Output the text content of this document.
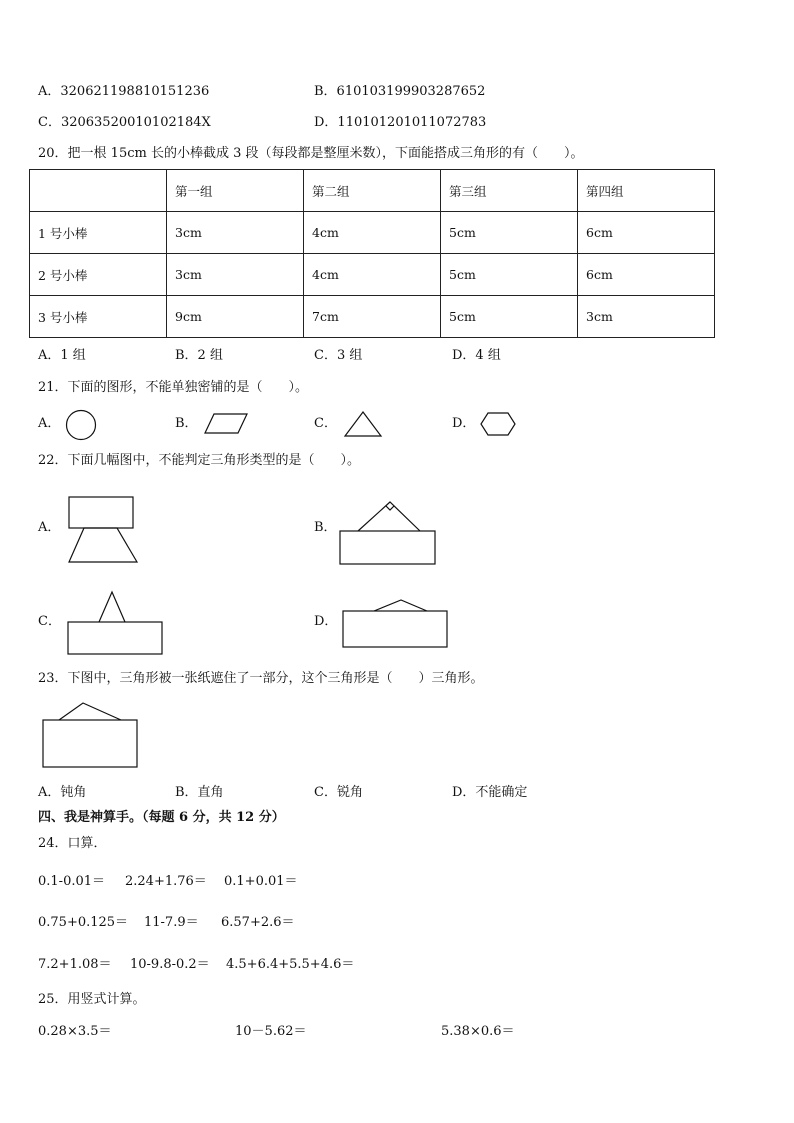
A．320621198810151236	B．610103199903287652
C．32063520010102184X	D．110101201011072783
20．把一根 15cm 长的小棒截成 3 段（每段都是整厘米数），下面能搭成三角形的有（　　）。
	第一组	第二组	第三组	第四组
1 号小棒	3cm	4cm	5cm	6cm
2 号小棒	3cm	4cm	5cm	6cm
3 号小棒	9cm	7cm	5cm	3cm
A．1 组	B．2 组	C．3 组	D．4 组
21．下面的图形，不能单独密铺的是（　　）。
A．	B．	C．	D．
22．下面几幅图中，不能判定三角形类型的是（　　）。
A．	B．
C．	D．
23．下图中，三角形被一张纸遮住了一部分，这个三角形是（　　）三角形。
A．钝角	B．直角	C．锐角	D．不能确定
四、我是神算手。（每题 6 分，共 12 分）
24．口算．
0.1-0.01＝ 2.24+1.76＝ 0.1+0.01＝
0.75+0.125＝ 11-7.9＝ 6.57+2.6＝
7.2+1.08＝ 10-9.8-0.2＝ 4.5+6.4+5.5+4.6＝
25．用竖式计算。
0.28×3.5＝	10－5.62＝	5.38×0.6＝
